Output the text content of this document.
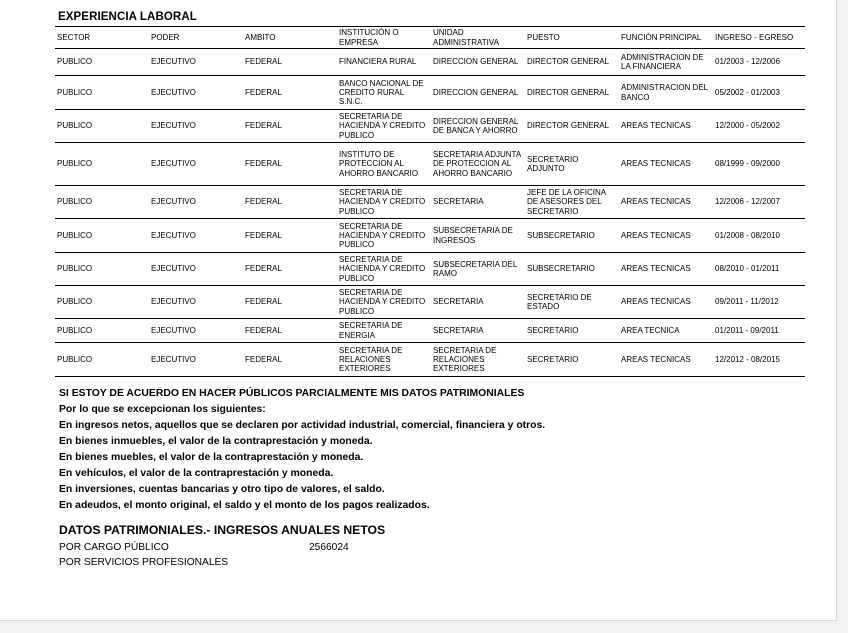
EXPERIENCIA LABORAL
SECTOR	PODER	AMBITO	INSTITUCIÓN O EMPRESA	UNIDAD ADMINISTRATIVA	PUESTO	FUNCIÓN PRINCIPAL	INGRESO - EGRESO
PUBLICO	EJECUTIVO	FEDERAL	FINANCIERA RURAL	DIRECCION GENERAL	DIRECTOR GENERAL	ADMINISTRACION DE LA FINANCIERA	01/2003 - 12/2006
PUBLICO	EJECUTIVO	FEDERAL	BANCO NACIONAL DE CREDITO RURAL S.N.C.	DIRECCION GENERAL	DIRECTOR GENERAL	ADMINISTRACION DEL BANCO	05/2002 - 01/2003
PUBLICO	EJECUTIVO	FEDERAL	SECRETARIA DE HACIENDA Y CREDITO PUBLICO	DIRECCION GENERAL DE BANCA Y AHORRO	DIRECTOR GENERAL	AREAS TECNICAS	12/2000 - 05/2002
PUBLICO	EJECUTIVO	FEDERAL	INSTITUTO DE PROTECCION AL AHORRO BANCARIO	SECRETARIA ADJUNTA DE PROTECCION AL AHORRO BANCARIO	SECRETARIO ADJUNTO	AREAS TECNICAS	08/1999 - 09/2000
PUBLICO	EJECUTIVO	FEDERAL	SECRETARIA DE HACIENDA Y CREDITO PUBLICO	SECRETARIA	JEFE DE LA OFICINA DE ASESORES DEL SECRETARIO	AREAS TECNICAS	12/2006 - 12/2007
PUBLICO	EJECUTIVO	FEDERAL	SECRETARIA DE HACIENDA Y CREDITO PUBLICO	SUBSECRETARIA DE INGRESOS	SUBSECRETARIO	AREAS TECNICAS	01/2008 - 08/2010
PUBLICO	EJECUTIVO	FEDERAL	SECRETARIA DE HACIENDA Y CREDITO PUBLICO	SUBSECRETARIA DEL RAMO	SUBSECRETARIO	AREAS TECNICAS	08/2010 - 01/2011
PUBLICO	EJECUTIVO	FEDERAL	SECRETARIA DE HACIENDA Y CREDITO PUBLICO	SECRETARIA	SECRETARIO DE ESTADO	AREAS TECNICAS	09/2011 - 11/2012
PUBLICO	EJECUTIVO	FEDERAL	SECRETARIA DE ENERGIA	SECRETARIA	SECRETARIO	AREA TECNICA	01/2011 - 09/2011
PUBLICO	EJECUTIVO	FEDERAL	SECRETARIA DE RELACIONES EXTERIORES	SECRETARIA DE RELACIONES EXTERIORES	SECRETARIO	AREAS TECNICAS	12/2012 - 08/2015
SI ESTOY DE ACUERDO EN HACER PÚBLICOS PARCIALMENTE MIS DATOS PATRIMONIALES
Por lo que se excepcionan los siguientes:
En ingresos netos, aquellos que se declaren por actividad industrial, comercial, financiera y otros.
En bienes inmuebles, el valor de la contraprestación y moneda.
En bienes muebles, el valor de la contraprestación y moneda.
En vehículos, el valor de la contraprestación y moneda.
En inversiones, cuentas bancarias y otro tipo de valores, el saldo.
En adeudos, el monto original, el saldo y el monto de los pagos realizados.
DATOS PATRIMONIALES.- INGRESOS ANUALES NETOS
POR CARGO PÚBLICO	2566024
POR SERVICIOS PROFESIONALES
